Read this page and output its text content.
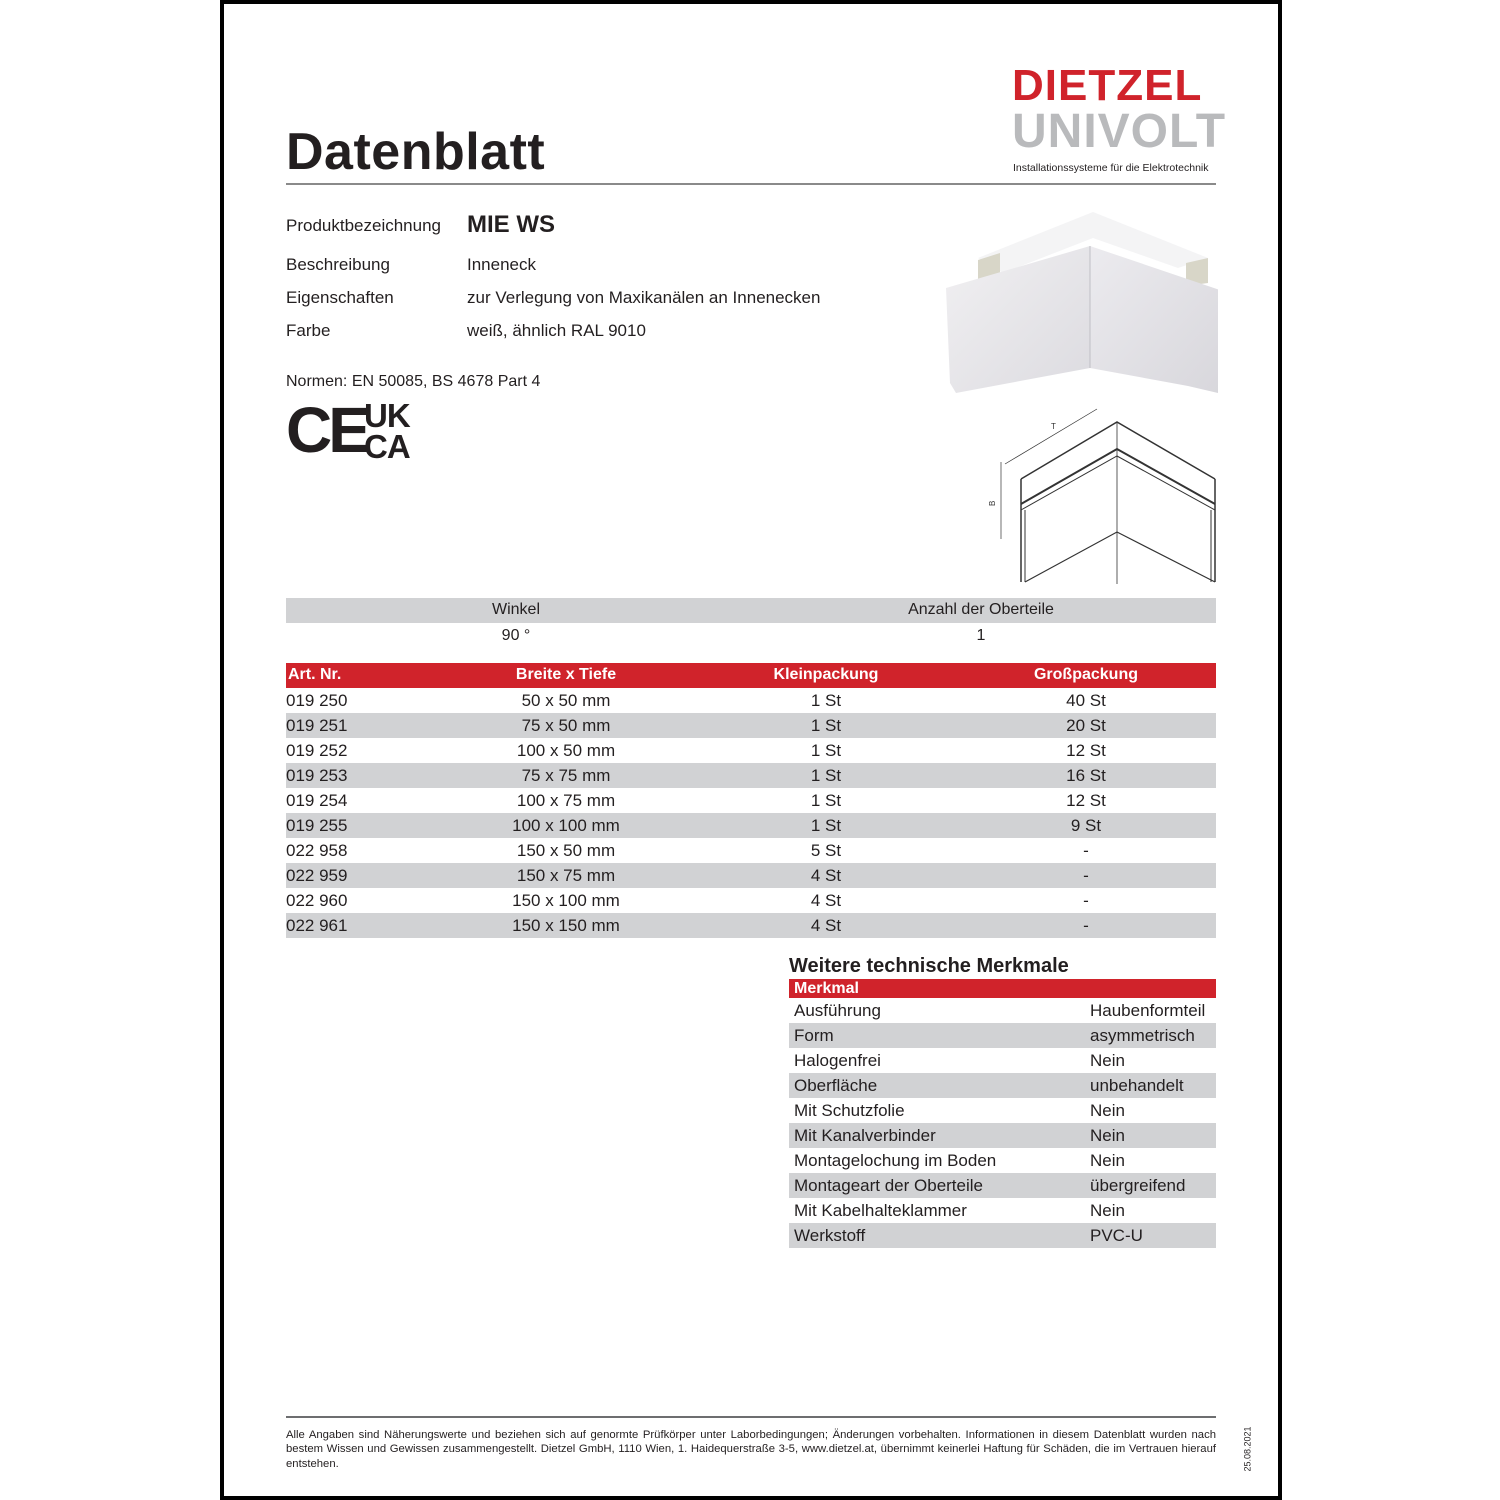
Datenblatt
DIETZEL
UNIVOLT
Installationssysteme für die Elektrotechnik
Produktbezeichnung MIE WS
Beschreibung	Inneneck
Eigenschaften	zur Verlegung von Maxikanälen an Innenecken
Farbe	weiß, ähnlich RAL 9010
Normen: EN 50085, BS 4678 Part 4
CE
UK
CA
T
B
Winkel	Anzahl der Oberteile
90 °	1
Art. Nr.	Breite x Tiefe	Kleinpackung	Großpackung
019 250	50 x 50 mm	1 St	40 St
019 251	75 x 50 mm	1 St	20 St
019 252	100 x 50 mm	1 St	12 St
019 253	75 x 75 mm	1 St	16 St
019 254	100 x 75 mm	1 St	12 St
019 255	100 x 100 mm	1 St	9 St
022 958	150 x 50 mm	5 St	-
022 959	150 x 75 mm	4 St	-
022 960	150 x 100 mm	4 St	-
022 961	150 x 150 mm	4 St	-
Weitere technische Merkmale
Merkmal
Ausführung	Haubenformteil
Form	asymmetrisch
Halogenfrei	Nein
Oberfläche	unbehandelt
Mit Schutzfolie	Nein
Mit Kanalverbinder	Nein
Montagelochung im Boden	Nein
Montageart der Oberteile	übergreifend
Mit Kabelhalteklammer	Nein
Werkstoff	PVC-U
Alle Angaben sind Näherungswerte und beziehen sich auf genormte Prüfkörper unter Laborbedingungen; Änderungen vorbehalten. Informationen in diesem Datenblatt wurden nach bestem Wissen und Gewissen zusammengestellt. Dietzel GmbH, 1110 Wien, 1. Haidequerstraße 3-5, www.dietzel.at, übernimmt keinerlei Haftung für Schäden, die im Vertrauen hierauf entstehen.	25.08.2021
